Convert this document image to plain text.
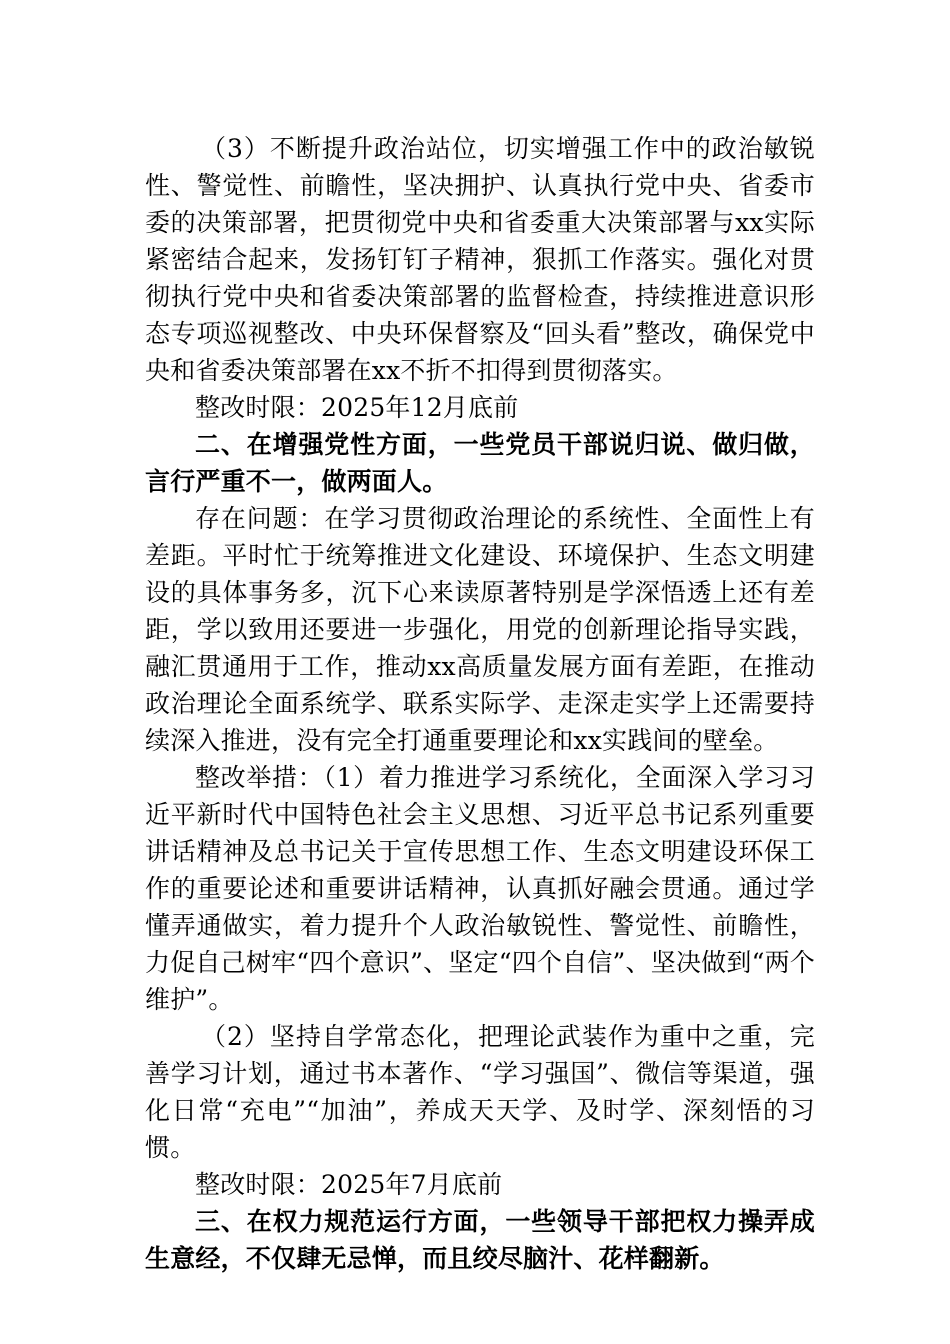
（3）不断提升政治站位，切实增强工作中的政治敏锐性、警觉性、前瞻性，坚决拥护、认真执行党中央、省委市委的决策部署，把贯彻党中央和省委重大决策部署与xx实际紧密结合起来，发扬钉钉子精神，狠抓工作落实。强化对贯彻执行党中央和省委决策部署的监督检查，持续推进意识形态专项巡视整改、中央环保督察及“回头看”整改，确保党中央和省委决策部署在xx不折不扣得到贯彻落实。

整改时限：2025年12月底前

二、在增强党性方面，一些党员干部说归说、做归做，言行严重不一，做两面人。

存在问题：在学习贯彻政治理论的系统性、全面性上有差距。平时忙于统筹推进文化建设、环境保护、生态文明建设的具体事务多，沉下心来读原著特别是学深悟透上还有差距，学以致用还要进一步强化，用党的创新理论指导实践，融汇贯通用于工作，推动xx高质量发展方面有差距，在推动政治理论全面系统学、联系实际学、走深走实学上还需要持续深入推进，没有完全打通重要理论和xx实践间的壁垒。

整改举措：（1）着力推进学习系统化，全面深入学习习近平新时代中国特色社会主义思想、习近平总书记系列重要讲话精神及总书记关于宣传思想工作、生态文明建设环保工作的重要论述和重要讲话精神，认真抓好融会贯通。通过学懂弄通做实，着力提升个人政治敏锐性、警觉性、前瞻性，力促自己树牢“四个意识”、坚定“四个自信”、坚决做到“两个维护”。

（2）坚持自学常态化，把理论武装作为重中之重，完善学习计划，通过书本著作、“学习强国”、微信等渠道，强化日常“充电”“加油”，养成天天学、及时学、深刻悟的习惯。

整改时限：2025年7月底前

三、在权力规范运行方面，一些领导干部把权力操弄成生意经，不仅肆无忌惮，而且绞尽脑汁、花样翻新。
